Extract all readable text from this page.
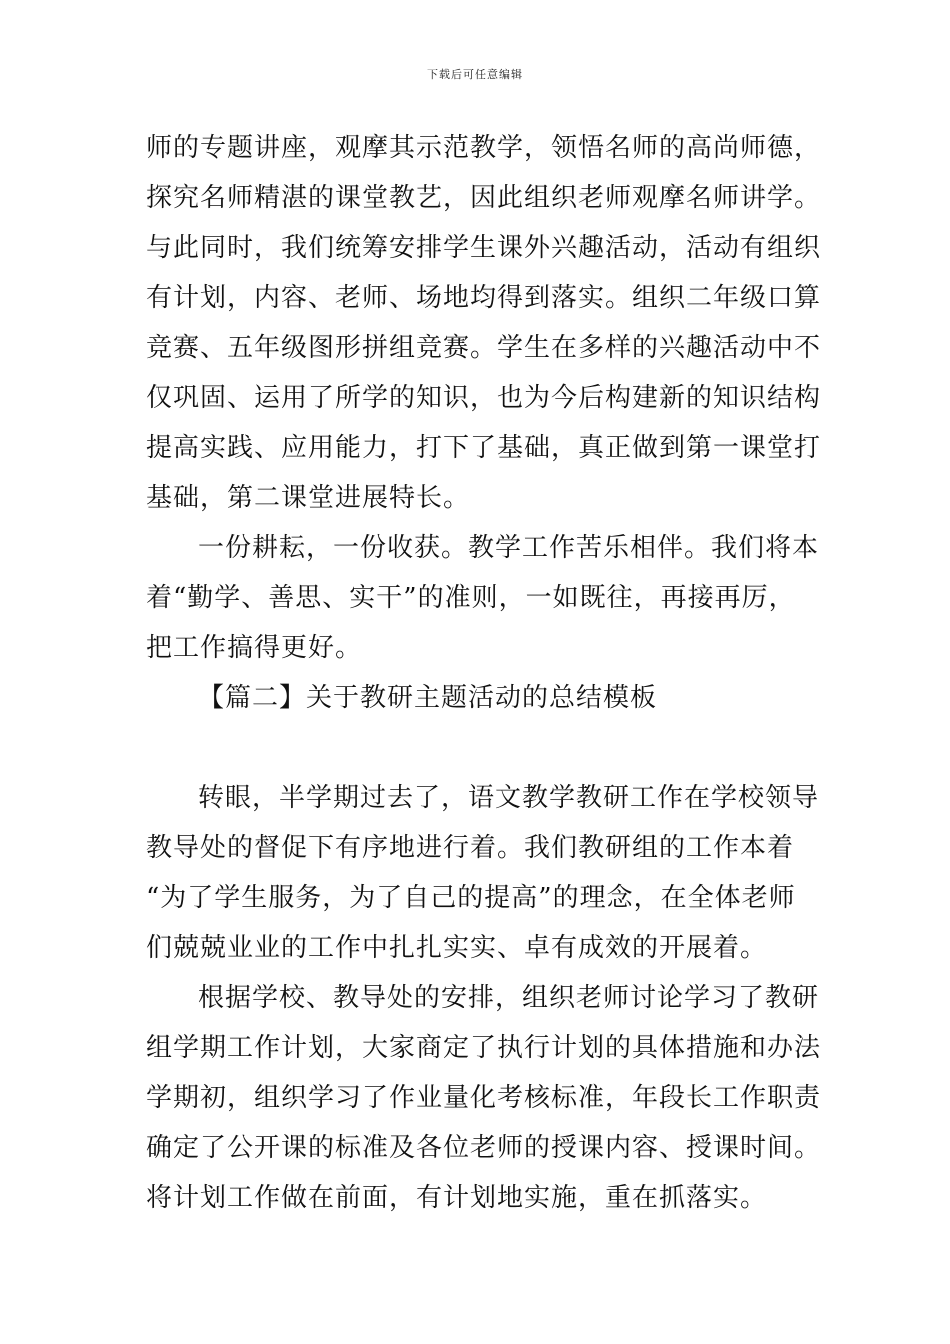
下载后可任意编辑
师的专题讲座，观摩其示范教学，领悟名师的高尚师德，
探究名师精湛的课堂教艺，因此组织老师观摩名师讲学。
与此同时，我们统筹安排学生课外兴趣活动，活动有组织
有计划，内容、老师、场地均得到落实。组织二年级口算
竞赛、五年级图形拼组竞赛。学生在多样的兴趣活动中不
仅巩固、运用了所学的知识，也为今后构建新的知识结构
提高实践、应用能力，打下了基础，真正做到第一课堂打
基础，第二课堂进展特长。
一份耕耘，一份收获。教学工作苦乐相伴。我们将本
着“勤学、善思、实干”的准则，一如既往，再接再厉，
把工作搞得更好。
【篇二】关于教研主题活动的总结模板
转眼，半学期过去了，语文教学教研工作在学校领导
教导处的督促下有序地进行着。我们教研组的工作本着
“为了学生服务，为了自己的提高”的理念，在全体老师
们兢兢业业的工作中扎扎实实、卓有成效的开展着。
根据学校、教导处的安排，组织老师讨论学习了教研
组学期工作计划，大家商定了执行计划的具体措施和办法
学期初，组织学习了作业量化考核标准，年段长工作职责
确定了公开课的标准及各位老师的授课内容、授课时间。
将计划工作做在前面，有计划地实施，重在抓落实。
